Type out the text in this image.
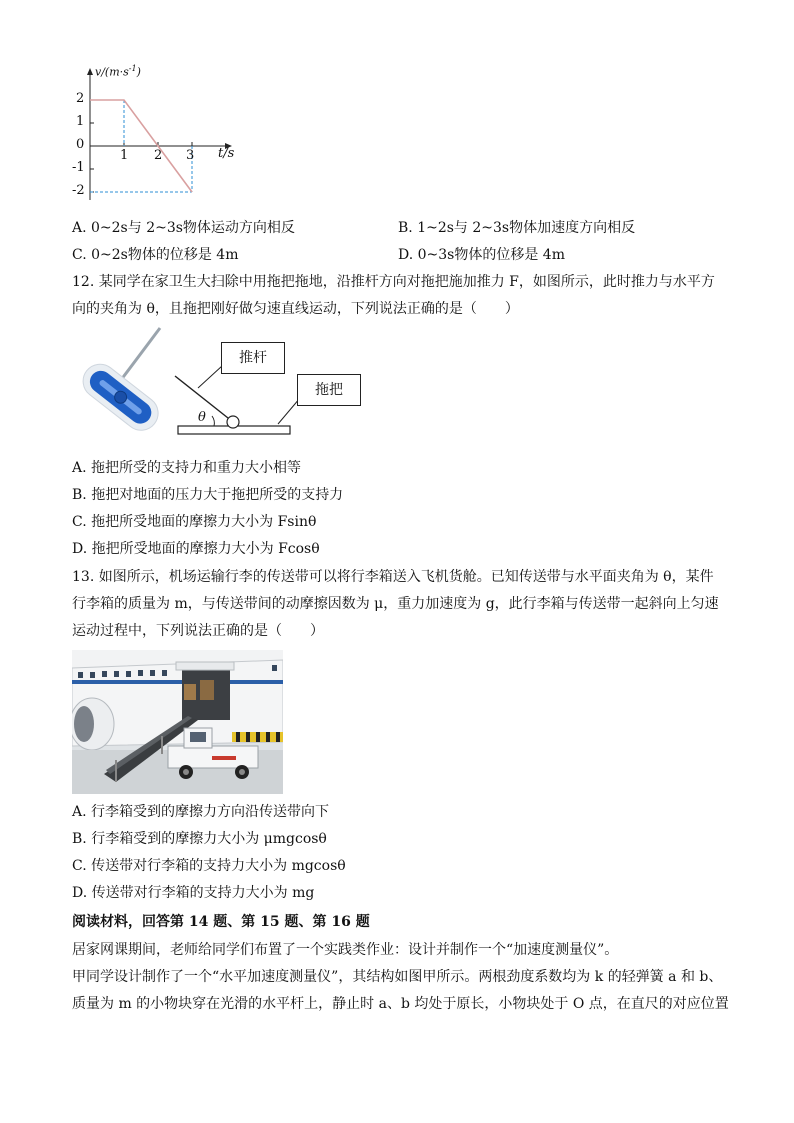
$v/(m\cdot s^{-1})$
t/s
2
1
0
-1
-2
1 2 3
A. 0~2s与 2~3s物体运动方向相反	B. 1~2s与 2~3s物体加速度方向相反
C. 0~2s物体的位移是 4m	D. 0~3s物体的位移是 4m
12. 某同学在家卫生大扫除中用拖把拖地，沿推杆方向对拖把施加推力 F，如图所示，此时推力与水平方
向的夹角为 θ，且拖把刚好做匀速直线运动，下列说法正确的是（　　）
θ
推杆
拖把
A. 拖把所受的支持力和重力大小相等
B. 拖把对地面的压力大于拖把所受的支持力
C. 拖把所受地面的摩擦力大小为 Fsinθ
D. 拖把所受地面的摩擦力大小为 Fcosθ
13. 如图所示，机场运输行李的传送带可以将行李箱送入飞机货舱。已知传送带与水平面夹角为 θ，某件
行李箱的质量为 m，与传送带间的动摩擦因数为 μ，重力加速度为 g，此行李箱与传送带一起斜向上匀速
运动过程中，下列说法正确的是（　　）
A. 行李箱受到的摩擦力方向沿传送带向下
B. 行李箱受到的摩擦力大小为 μmgcosθ
C. 传送带对行李箱的支持力大小为 mgcosθ
D. 传送带对行李箱的支持力大小为 mg
阅读材料，回答第 14 题、第 15 题、第 16 题
居家网课期间，老师给同学们布置了一个实践类作业：设计并制作一个“加速度测量仪”。
甲同学设计制作了一个“水平加速度测量仪”，其结构如图甲所示。两根劲度系数均为 k 的轻弹簧 a 和 b、
质量为 m 的小物块穿在光滑的水平杆上，静止时 a、b 均处于原长，小物块处于 O 点，在直尺的对应位置
